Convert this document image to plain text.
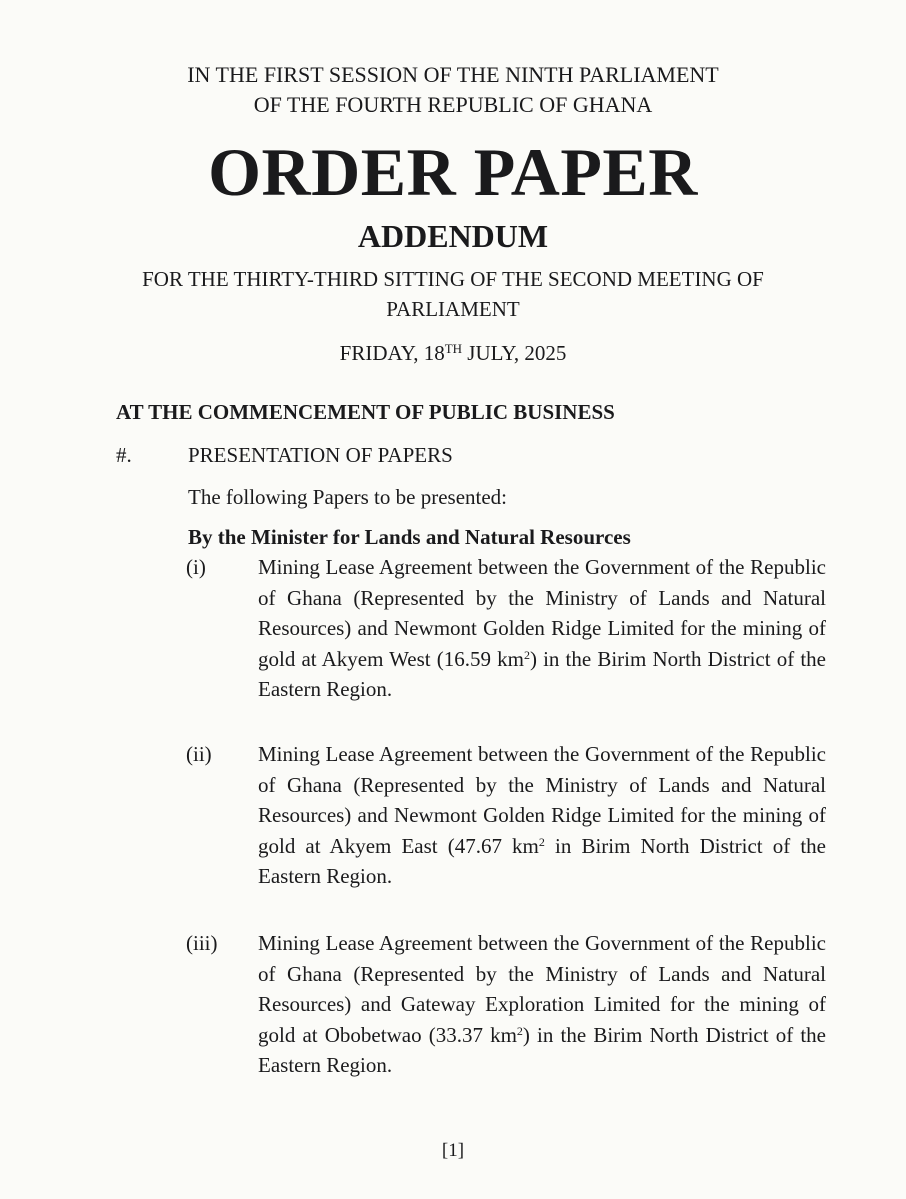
IN THE FIRST SESSION OF THE NINTH PARLIAMENT
OF THE FOURTH REPUBLIC OF GHANA
ORDER PAPER
ADDENDUM
FOR THE THIRTY-THIRD SITTING OF THE SECOND MEETING OF
PARLIAMENT
FRIDAY, 18TH JULY, 2025
AT THE COMMENCEMENT OF PUBLIC BUSINESS
#.	PRESENTATION OF PAPERS
The following Papers to be presented:
By the Minister for Lands and Natural Resources
(i) Mining Lease Agreement between the Government of the Republic of Ghana (Represented by the Ministry of Lands and Natural Resources) and Newmont Golden Ridge Limited for the mining of gold at Akyem West (16.59 $km^2$) in the Birim North District of the Eastern Region.
(ii) Mining Lease Agreement between the Government of the Republic of Ghana (Represented by the Ministry of Lands and Natural Resources) and Newmont Golden Ridge Limited for the mining of gold at Akyem East (47.67 $km^2$ in Birim North District of the Eastern Region.
(iii) Mining Lease Agreement between the Government of the Republic of Ghana (Represented by the Ministry of Lands and Natural Resources) and Gateway Exploration Limited for the mining of gold at Obobetwao (33.37 $km^2$) in the Birim North District of the Eastern Region.
[1]
